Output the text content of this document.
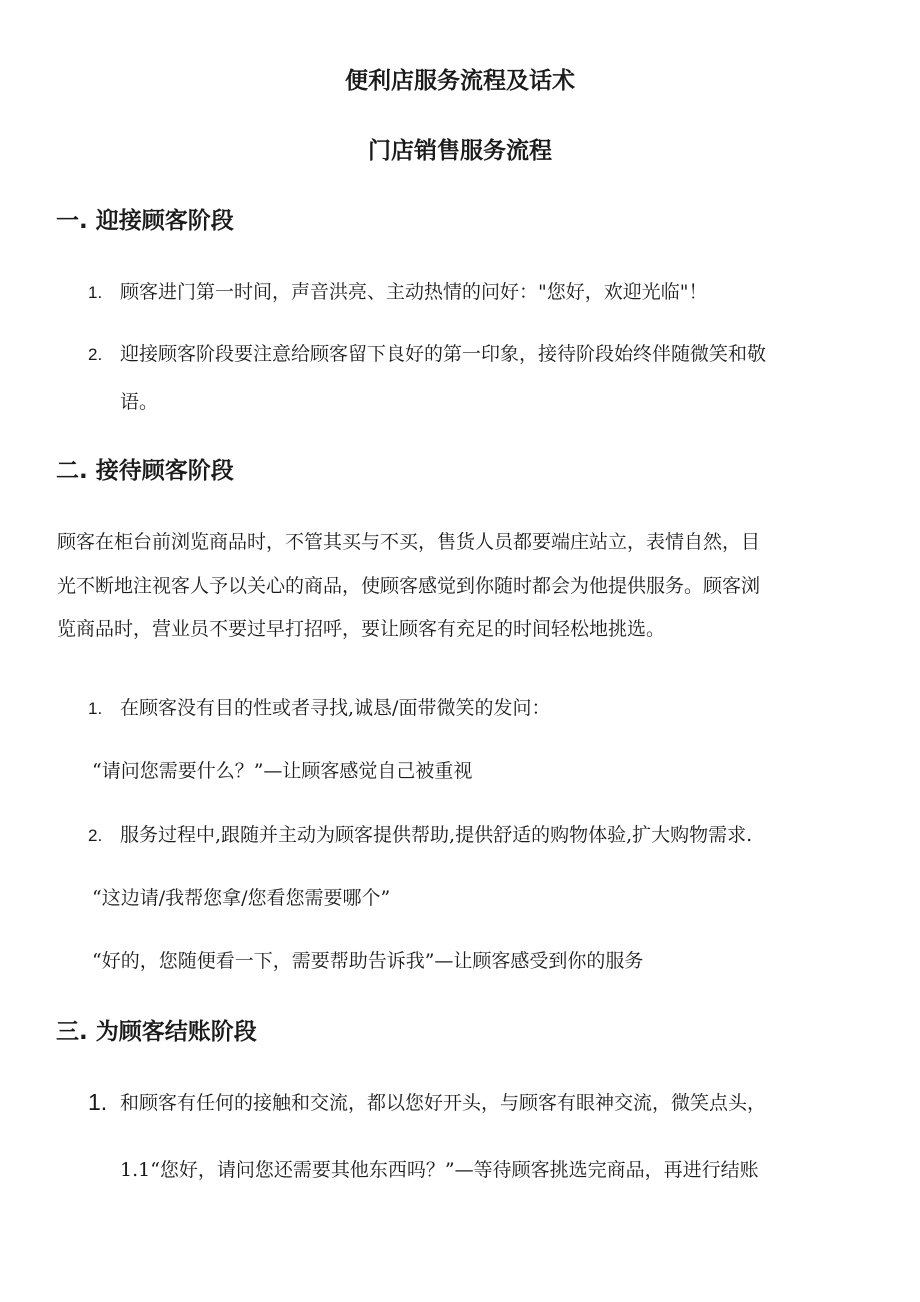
便利店服务流程及话术
门店销售服务流程
一. 迎接顾客阶段
1. 顾客进门第一时间，声音洪亮、主动热情的问好："您好，欢迎光临"！
2. 迎接顾客阶段要注意给顾客留下良好的第一印象，接待阶段始终伴随微笑和敬
语。
二. 接待顾客阶段
顾客在柜台前浏览商品时，不管其买与不买，售货人员都要端庄站立，表情自然，目
光不断地注视客人予以关心的商品，使顾客感觉到你随时都会为他提供服务。顾客浏
览商品时，营业员不要过早打招呼，要让顾客有充足的时间轻松地挑选。
1. 在顾客没有目的性或者寻找,诚恳/面带微笑的发问：
“请问您需要什么？”—让顾客感觉自己被重视
2. 服务过程中,跟随并主动为顾客提供帮助,提供舒适的购物体验,扩大购物需求.
“这边请/我帮您拿/您看您需要哪个”
“好的，您随便看一下，需要帮助告诉我”—让顾客感受到你的服务
三. 为顾客结账阶段
1. 和顾客有任何的接触和交流，都以您好开头，与顾客有眼神交流，微笑点头，
1.1“您好，请问您还需要其他东西吗？”—等待顾客挑选完商品，再进行结账
